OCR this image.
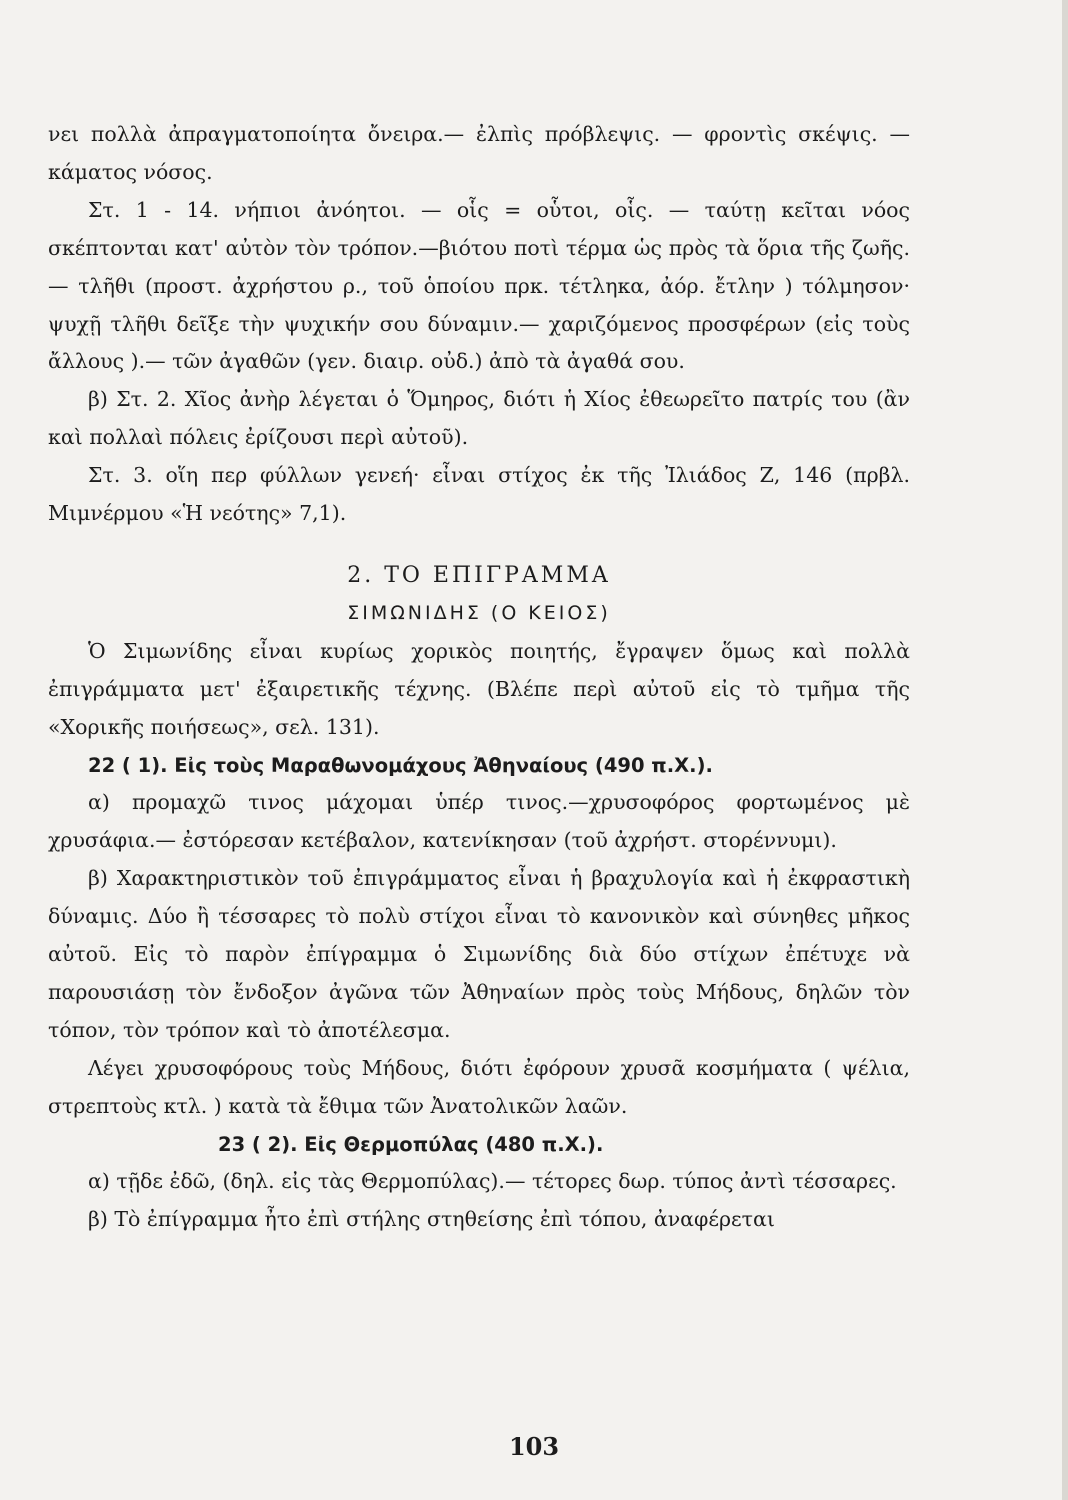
νει πολλὰ ἀπραγματοποίητα ὄνειρα.— ἐλπὶς πρόβλεψις. — φροντὶς σκέψις. — κάματος νόσος.

Στ. 1 - 14. νήπιοι ἀνόητοι. — οἷς = οὗτοι, οἷς. — ταύτῃ κεῖται νόος σκέπτονται κατ' αὐτὸν τὸν τρόπον.—βιότου ποτὶ τέρμα ὡς πρὸς τὰ ὅρια τῆς ζωῆς.— τλῆθι (προστ. ἀχρήστου ρ., τοῦ ὁποίου πρκ. τέτληκα, ἀόρ. ἔτλην ) τόλμησον· ψυχῇ τλῆθι δεῖξε τὴν ψυχικήν σου δύναμιν.— χαριζόμενος προσφέρων (εἰς τοὺς ἄλλους ).— τῶν ἀγαθῶν (γεν. διαιρ. οὐδ.) ἀπὸ τὰ ἀγαθά σου.

β) Στ. 2. Χῖος ἀνὴρ λέγεται ὁ Ὅμηρος, διότι ἡ Χίος ἐθεωρεῖτο πατρίς του (ἂν καὶ πολλαὶ πόλεις ἐρίζουσι περὶ αὐτοῦ).

Στ. 3. οἵη περ φύλλων γενεή· εἶναι στίχος ἐκ τῆς Ἰλιάδος Ζ, 146 (πρβλ. Μιμνέρμου «Ἡ νεότης» 7,1).

2. ΤΟ ΕΠΙΓΡΑΜΜΑ

ΣΙΜΩΝΙΔΗΣ (Ο ΚΕΙΟΣ)

Ὁ Σιμωνίδης εἶναι κυρίως χορικὸς ποιητής, ἔγραψεν ὅμως καὶ πολλὰ ἐπιγράμματα μετ' ἐξαιρετικῆς τέχνης. (Βλέπε περὶ αὐτοῦ εἰς τὸ τμῆμα τῆς «Χορικῆς ποιήσεως», σελ. 131).

22 ( 1). Εἰς τοὺς Μαραθωνομάχους Ἀθηναίους (490 π.Χ.).

α) προμαχῶ τινος μάχομαι ὑπέρ τινος.—χρυσοφόρος φορτωμένος μὲ χρυσάφια.— ἐστόρεσαν κετέβαλον, κατενίκησαν (τοῦ ἀχρήστ. στορέννυμι).

β) Χαρακτηριστικὸν τοῦ ἐπιγράμματος εἶναι ἡ βραχυλογία καὶ ἡ ἐκφραστικὴ δύναμις. Δύο ἢ τέσσαρες τὸ πολὺ στίχοι εἶναι τὸ κανονικὸν καὶ σύνηθες μῆκος αὐτοῦ. Εἰς τὸ παρὸν ἐπίγραμμα ὁ Σιμωνίδης διὰ δύο στίχων ἐπέτυχε νὰ παρουσιάσῃ τὸν ἔνδοξον ἀγῶνα τῶν Ἀθηναίων πρὸς τοὺς Μήδους, δηλῶν τὸν τόπον, τὸν τρόπον καὶ τὸ ἀποτέλεσμα.

Λέγει χρυσοφόρους τοὺς Μήδους, διότι ἐφόρουν χρυσᾶ κοσμήματα ( ψέλια, στρεπτοὺς κτλ. ) κατὰ τὰ ἔθιμα τῶν Ἀνατολικῶν λαῶν.

23 ( 2). Εἰς Θερμοπύλας (480 π.Χ.).

α) τῇδε ἐδῶ, (δηλ. εἰς τὰς Θερμοπύλας).— τέτορες δωρ. τύπος ἀντὶ τέσσαρες.

β) Τὸ ἐπίγραμμα ἦτο ἐπὶ στήλης στηθείσης ἐπὶ τόπου, ἀναφέρεται

103
